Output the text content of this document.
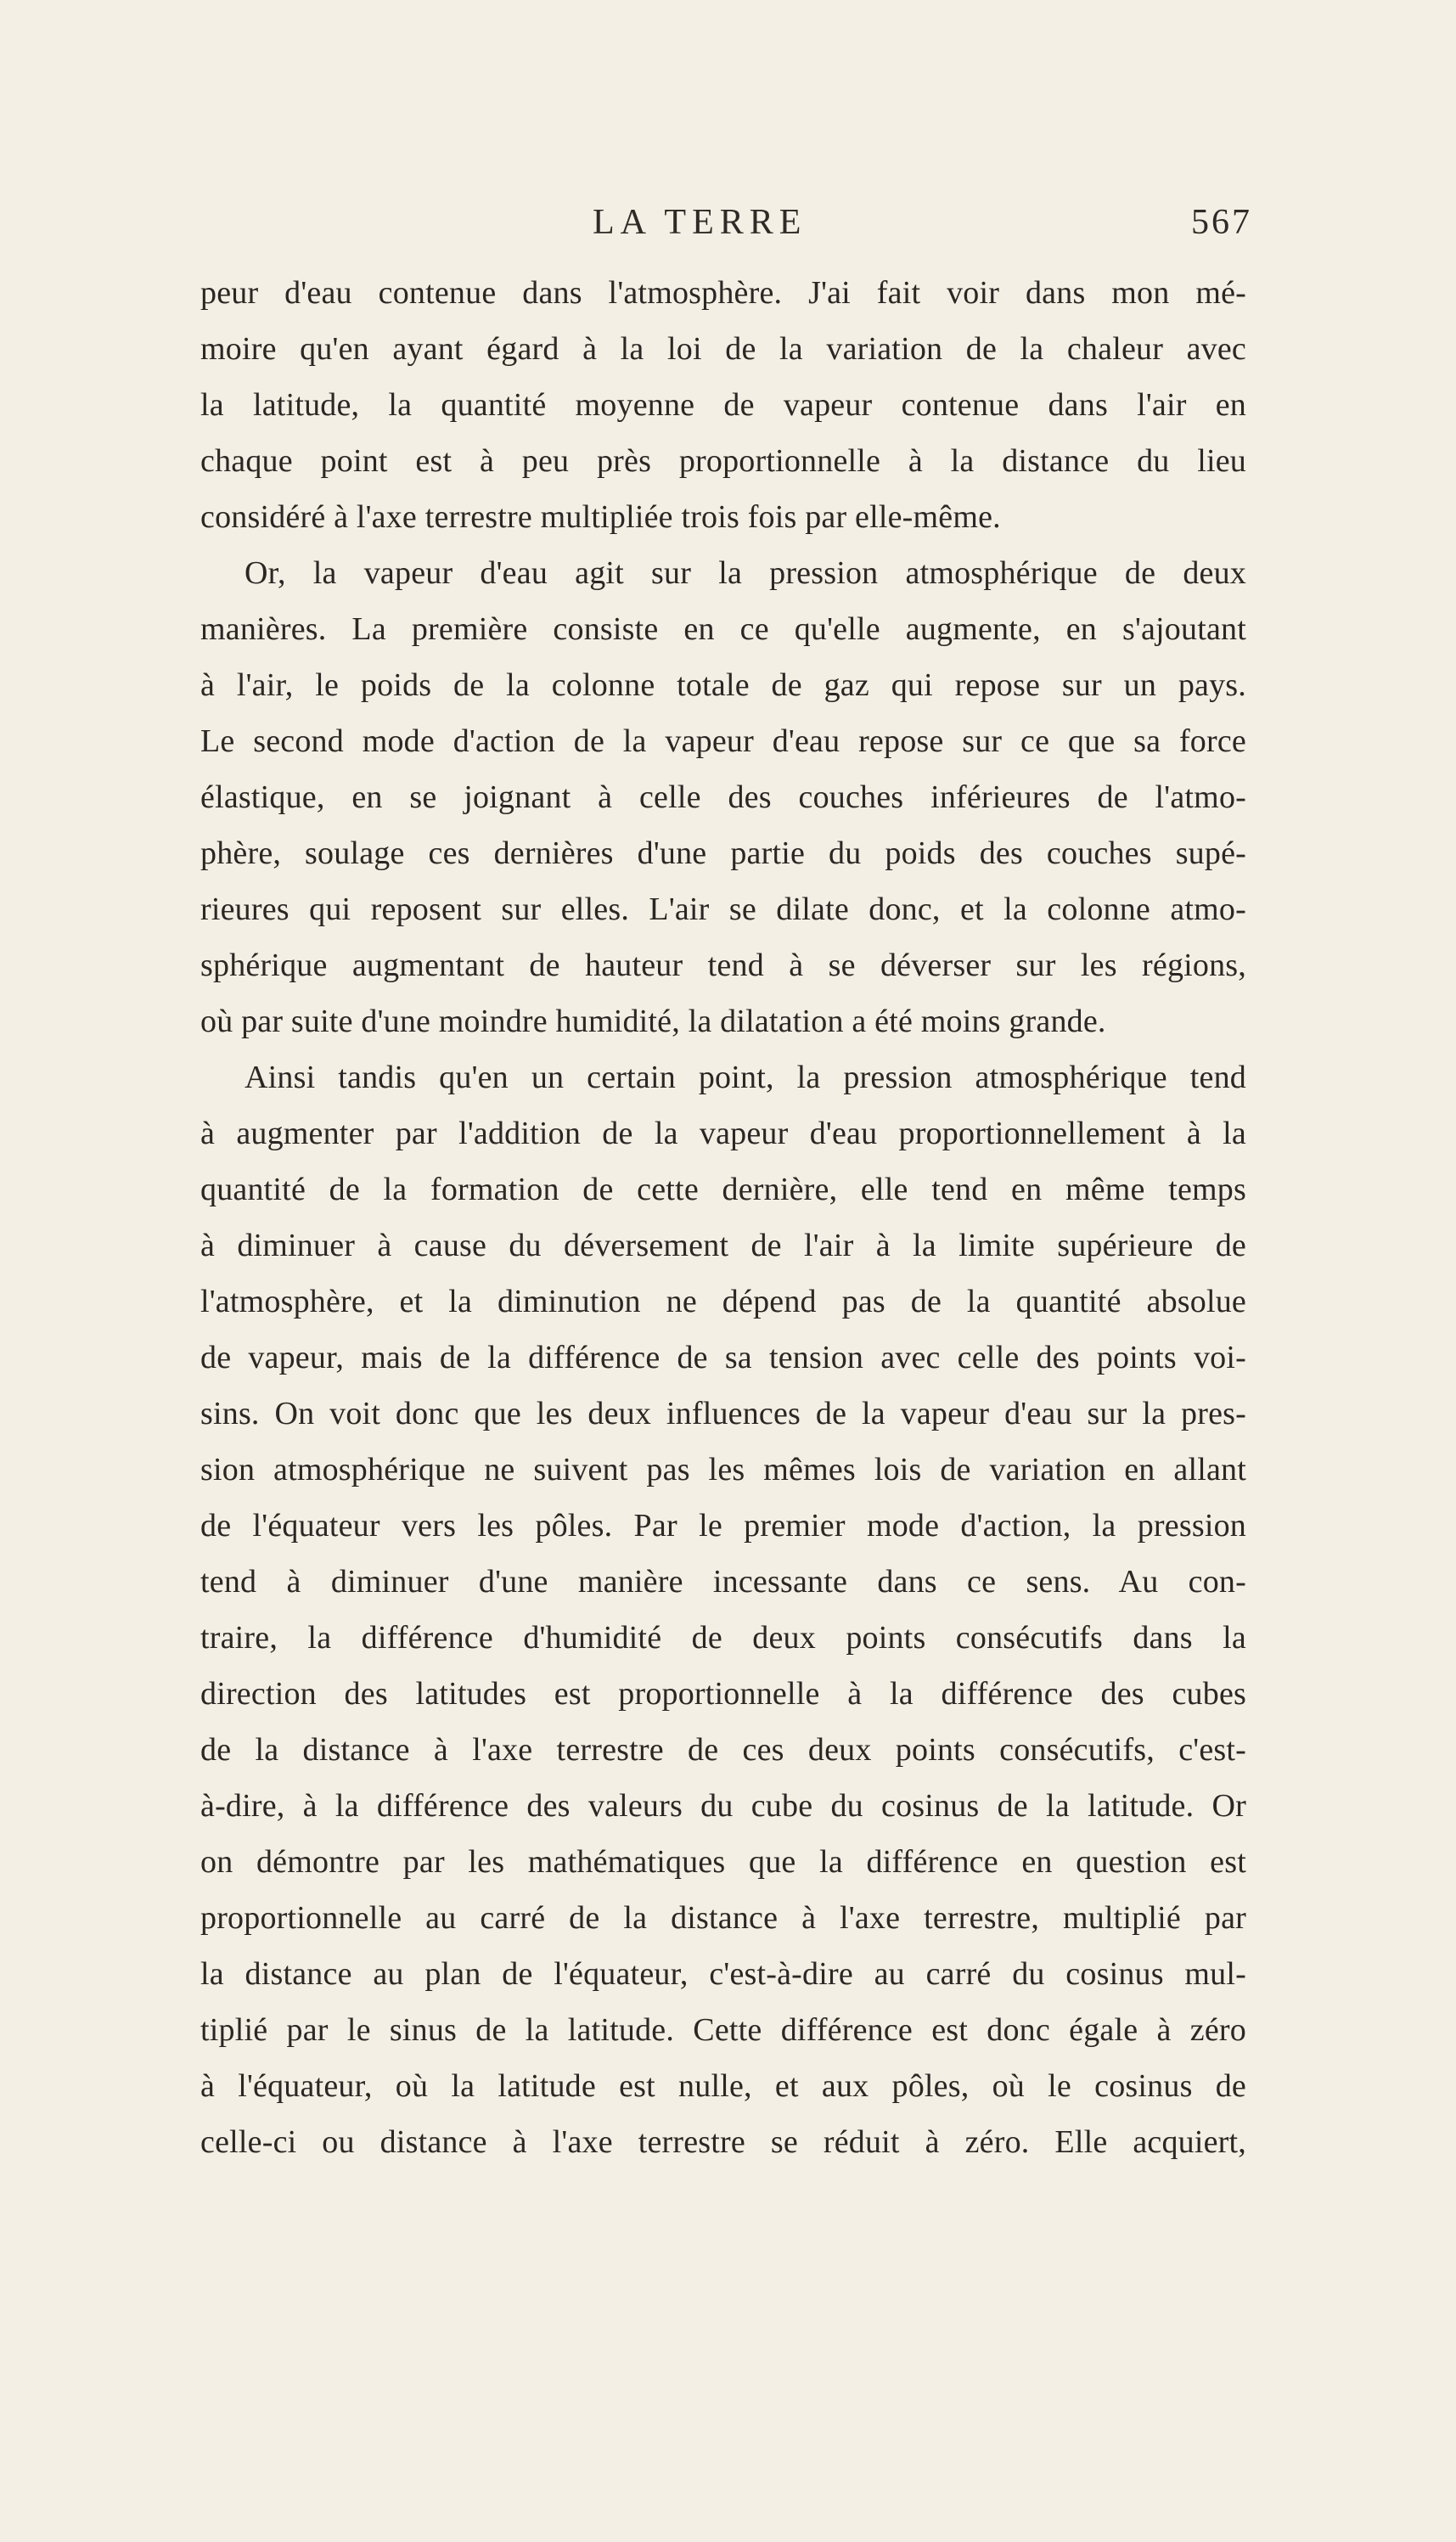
LA TERRE	567
peur d'eau contenue dans l'atmosphère. J'ai fait voir dans mon mé-
moire qu'en ayant égard à la loi de la variation de la chaleur avec
la latitude, la quantité moyenne de vapeur contenue dans l'air en
chaque point est à peu près proportionnelle à la distance du lieu
considéré à l'axe terrestre multipliée trois fois par elle-même.
Or, la vapeur d'eau agit sur la pression atmosphérique de deux
manières. La première consiste en ce qu'elle augmente, en s'ajoutant
à l'air, le poids de la colonne totale de gaz qui repose sur un pays.
Le second mode d'action de la vapeur d'eau repose sur ce que sa force
élastique, en se joignant à celle des couches inférieures de l'atmo-
phère, soulage ces dernières d'une partie du poids des couches supé-
rieures qui reposent sur elles. L'air se dilate donc, et la colonne atmo-
sphérique augmentant de hauteur tend à se déverser sur les régions,
où par suite d'une moindre humidité, la dilatation a été moins grande.
Ainsi tandis qu'en un certain point, la pression atmosphérique tend
à augmenter par l'addition de la vapeur d'eau proportionnellement à la
quantité de la formation de cette dernière, elle tend en même temps
à diminuer à cause du déversement de l'air à la limite supérieure de
l'atmosphère, et la diminution ne dépend pas de la quantité absolue
de vapeur, mais de la différence de sa tension avec celle des points voi-
sins. On voit donc que les deux influences de la vapeur d'eau sur la pres-
sion atmosphérique ne suivent pas les mêmes lois de variation en allant
de l'équateur vers les pôles. Par le premier mode d'action, la pression
tend à diminuer d'une manière incessante dans ce sens. Au con-
traire, la différence d'humidité de deux points consécutifs dans la
direction des latitudes est proportionnelle à la différence des cubes
de la distance à l'axe terrestre de ces deux points consécutifs, c'est-
à-dire, à la différence des valeurs du cube du cosinus de la latitude. Or
on démontre par les mathématiques que la différence en question est
proportionnelle au carré de la distance à l'axe terrestre, multiplié par
la distance au plan de l'équateur, c'est-à-dire au carré du cosinus mul-
tiplié par le sinus de la latitude. Cette différence est donc égale à zéro
à l'équateur, où la latitude est nulle, et aux pôles, où le cosinus de
celle-ci ou distance à l'axe terrestre se réduit à zéro. Elle acquiert,
